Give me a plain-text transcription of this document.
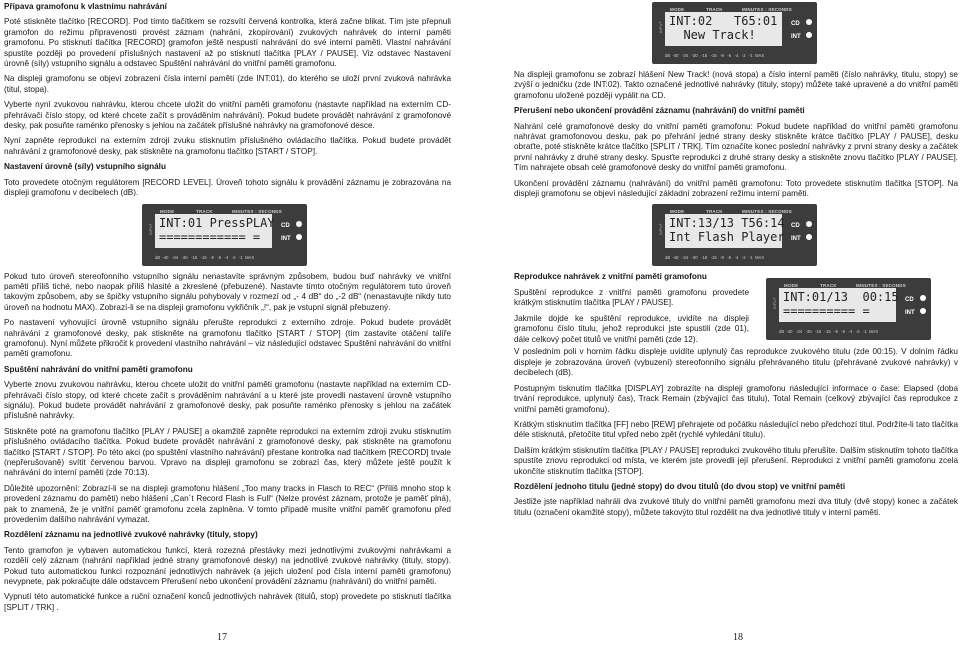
Přípava gramofonu k vlastnímu nahrávání

Poté stiskněte tlačítko [RECORD]. Pod tímto tlačítkem se rozsvítí červená kontrolka, která začne blikat. Tím jste přepnuli gramofon do režimu připravenosti provést záznam (nahrání, zkopírování) zvukových nahrávek do interní paměti gramofonu. Po stisknutí tlačítka [RECORD] gramofon ještě nespustí nahrávání do své interní paměti. Vlastní nahrávání spustíte později po provedení příslušných nastavení až po stisknutí tlačítka [PLAY / PAUSE]. Viz odstavec Nastavení úrovně (síly) vstupního signálu a odstavec Spuštění nahrávání do vnitřní paměti gramofonu.

Na displeji gramofonu se objeví zobrazení čísla interní paměti (zde INT:01), do kterého se uloží první zvuková nahrávka (titul, stopa).

Vyberte nyní zvukovou nahrávku, kterou chcete uložit do vnitřní paměti gramofonu (nastavte například na externím CD-přehrávači číslo stopy, od které chcete začít s prováděním nahrávání). Pokud budete provádět nahrávání z gramofonové desky, pak posuňte raménko přenosky s jehlou na začátek příslušné nahrávky na gramofonové desce.

Nyní zapněte reprodukci na externím zdroji zvuku stisknutím příslušného ovládacího tlačítka. Pokud budete provádět nahrávání z gramofonové desky, pak stiskněte na gramofonu tlačítko [START / STOP].

Nastavení úrovně (síly) vstupního signálu

Toto provedete otočným regulátorem [RECORD LEVEL]. Úroveň tohoto signálu k provádění záznamu je zobrazována na displeji gramofonu v decibelech (dB).

MODE	TRACK	MINUTES : SECONDS
INPUT INT:01 PressPLAY
============ =
CD
INT
dB  -40   -34   -30   -18   -15   -9   -6   -4   -2   -1  MAX

Pokud tuto úroveň stereofonního vstupního signálu nenastavíte správným způsobem, budou buď nahrávky ve vnitřní paměti příliš tiché, nebo naopak příliš hlasité a zkreslené (přebuzené). Nastavte tímto otočným regulátorem tuto úroveň takovým způsobem, aby se špičky vstupního signálu pohybovaly v rozmezí od „- 4 dB“ do „-2 dB“ (nenastavujte nikdy tuto úroveň na hodnotu MAX). Zobrazí-li se na displeji gramofonu vykřičník „!“, pak je vstupní signál přebuzený.

Po nastavení vyhovující úrovně vstupního signálu přerušte reprodukci z externího zdroje. Pokud budete provádět nahrávání z gramofonové desky, pak stiskněte na gramofonu tlačítko [START / STOP] (tím zastavíte otáčení talíře gramofonu). Nyní můžete přikročit k provedení vlastního nahrávání – viz následující odstavec Spuštění nahrávání do vnitřní paměti gramofonu.

Spuštění nahrávání do vnitřní paměti gramofonu

Vyberte znovu zvukovou nahrávku, kterou chcete uložit do vnitřní paměti gramofonu (nastavte například na externím CD-přehrávači číslo stopy, od které chcete začít s prováděním nahrávání a u které jste provedli nastavení úrovně vstupního signálu). Pokud budete provádět nahrávání z gramofonové desky, pak posuňte raménko přenosky s jehlou na začátek příslušné nahrávky.

Stiskněte poté na gramofonu tlačítko [PLAY / PAUSE] a okamžitě zapněte reprodukci na externím zdroji zvuku stisknutím příslušného ovládacího tlačítka. Pokud budete provádět nahrávání z gramofonové desky, pak stiskněte na gramofonu tlačítko [START / STOP]. Po této akci (po spuštění vlastního nahrávání) přestane kontrolka nad tlačítkem [RECORD] trvale (nepřerušovaně) svítit červenou barvou. Vpravo na displeji gramofonu se zobrazí čas, který můžete ještě použít k nahrávání do interní paměti (zde 70:13).

Důležité upozornění: Zobrazí-li se na displeji gramofonu hlášení „Too many tracks in Flasch to REC“ (Příliš mnoho stop k provedení záznamu do paměti) nebo hlášení „Can´t Record Flash is Full“ (Nelze provést záznam, protože je paměť plná), pak to znamená, že je vnitřní paměť gramofonu zcela zaplněna. V tomto případě musíte vnitřní paměť gramofonu před provedením dalšího nahrávání vymazat.

Rozdělení záznamu na jednotlivé zvukové nahrávky (tituly, stopy)

Tento gramofon je vybaven automatickou funkcí, která rozezná přestávky mezi jednotlivými zvukovými nahrávkami a rozdělí celý záznam (nahrání například jedné strany gramofonové desky) na jednotlivé zvukové nahrávky (tituly, stopy). Pokud tuto automatickou funkci rozpoznání jednotlivých nahrávek (a jejich uložení pod čísla interní paměti gramofonu) nevypnete, pak pokračujte dále odstavcem Přerušení nebo ukončení provádění záznamu (nahrávání) do vnitřní paměti.

Vypnutí této automatické funkce a ruční označení konců jednotlivých nahrávek (titulů, stop) provedete po stisknutí tlačítka [SPLIT / TRK] .

MODE	TRACK	MINUTES : SECONDS
INPUT INT:02   T65:01
New Track!
CD
INT
dB  -40   -34   -30   -18   -15   -9   -6   -4   -2   -1  MAX

Na displeji gramofonu se zobrazí hlášení New Track! (nová stopa) a číslo interní paměti (číslo nahrávky, titulu, stopy) se zvýší o jedničku (zde INT:02). Takto označené jednotlivé nahrávky (tituly, stopy) můžete také upravené a do vnitřní paměti gramofonu uložené později vypálit na CD.

Přerušení nebo ukončení provádění záznamu (nahrávání) do vnitřní paměti

Nahrání celé gramofonové desky do vnitřní paměti gramofonu: Pokud budete například do vnitřní paměti gramofonu nahrávat gramofonovou desku, pak po přehrání jedné strany desky stiskněte krátce tlačítko [PLAY / PAUSE], desku obraťte, poté stiskněte krátce tlačítko [SPLIT / TRK]. Tím označíte konec poslední nahrávky z první strany desky a začátek první nahrávky z druhé strany desky. Spusťte reprodukci z druhé strany desky a stiskněte znovu tlačítko [PLAY / PAUSE]. Tím nahrajete obsah celé gramofonové desky do vnitřní paměti gramofonu.

Ukončení provádění záznamu (nahrávání) do vnitřní paměti gramofonu: Toto provedete stisknutím tlačítka [STOP]. Na displeji gramofonu se objeví následující základní zobrazení režimu interní paměti.

MODE	TRACK	MINUTES : SECONDS
INPUT INT:13/13 T56:14
Int Flash Player
CD
INT
dB  -40   -34   -30   -18   -15   -9   -6   -4   -2   -1  MAX

Reprodukce nahrávek z vnitřní paměti gramofonu

Spuštění reprodukce z vnitřní paměti gramofonu provedete krátkým stisknutím tlačítka [PLAY / PAUSE].

Jakmile dojde ke spuštění reprodukce, uvidíte na displeji gramofonu číslo titulu, jehož reprodukci jste spustili (zde 01), dále celkový počet titulů ve vnitřní paměti (zde 12).

MODE	TRACK	MINUTES : SECONDS
INPUT INT:01/13  00:15
========== =
CD
INT
dB  -40   -34   -30   -18   -15   -9   -6   -4   -2   -1  MAX

V posledním poli v horním řádku displeje uvidíte uplynulý čas reprodukce zvukového titulu (zde 00:15). V dolním řádku displeje je zobrazována úroveň (vybuzení) stereofonního signálu přehrávaného titulu (přehrávané zvukové nahrávky) v decibelech (dB).

Postupným tisknutím tlačítka [DISPLAY] zobrazíte na displeji gramofonu následující informace o čase: Elapsed (doba trvání reprodukce, uplynulý čas), Track Remain (zbývající čas titulu), Total Remain (celkový zbývající čas reprodukce z vnitřní paměti gramofonu).

Krátkým stisknutím tlačítka [FF] nebo [REW] přehrajete od počátku následující nebo předchozí titul. Podržíte-li tato tlačítka déle stisknutá, přetočíte titul vpřed nebo zpět (rychlé vyhledání titulu).

Dalším krátkým stisknutím tlačítka [PLAY / PAUSE] reprodukci zvukového titulu přerušíte. Dalším stisknutím tohoto tlačítka spustíte znovu reprodukci od místa, ve kterém jste provedli její přerušení. Reprodukci z vnitřní paměti gramofonu zcela ukončíte stisknutím tlačítka [STOP].

Rozdělení jednoho titulu (jedné stopy) do dvou titulů (do dvou stop) ve vnitřní paměti

Jestliže jste například nahráli dva zvukové tituly do vnitřní paměti gramofonu mezi dva tituly (dvě stopy) konec a začátek titulu (označení okamžité stopy), můžete takovýto titul rozdělit na dva jednotlivé tituly v interní paměti.

17	18
